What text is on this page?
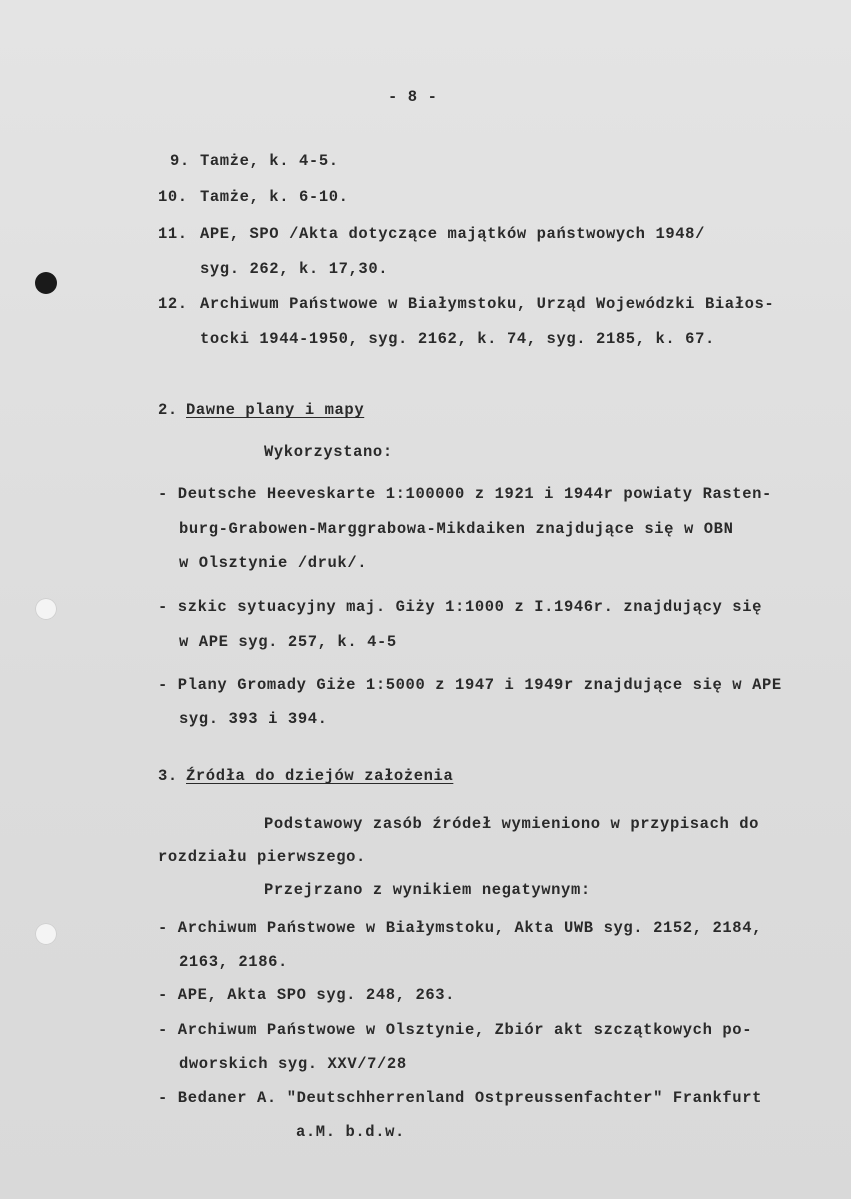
- 8 -
9. Tamże, k. 4-5.
10. Tamże, k. 6-10.
11. APE, SPO /Akta dotyczące majątków państwowych 1948/
syg. 262, k. 17,30.
12. Archiwum Państwowe w Białymstoku, Urząd Wojewódzki Białos-
tocki 1944-1950, syg. 2162, k. 74, syg. 2185, k. 67.
2. Dawne plany i mapy
Wykorzystano:
- Deutsche Heeveskarte 1:100000 z 1921 i 1944r powiaty Rasten-
burg-Grabowen-Marggrabowa-Mikdaiken znajdujące się w OBN
w Olsztynie /druk/.
- szkic sytuacyjny maj. Giży 1:1000 z I.1946r. znajdujący się
w APE syg. 257, k. 4-5
- Plany Gromady Giże 1:5000 z 1947 i 1949r znajdujące się w APE
syg. 393 i 394.
3. Źródła do dziejów założenia
Podstawowy zasób źródeł wymieniono w przypisach do
rozdziału pierwszego.
Przejrzano z wynikiem negatywnym:
- Archiwum Państwowe w Białymstoku, Akta UWB syg. 2152, 2184,
2163, 2186.
- APE, Akta SPO syg. 248, 263.
- Archiwum Państwowe w Olsztynie, Zbiór akt szczątkowych po-
dworskich syg. XXV/7/28
- Bedaner A. "Deutschherrenland Ostpreussenfachter" Frankfurt
a.M. b.d.w.
